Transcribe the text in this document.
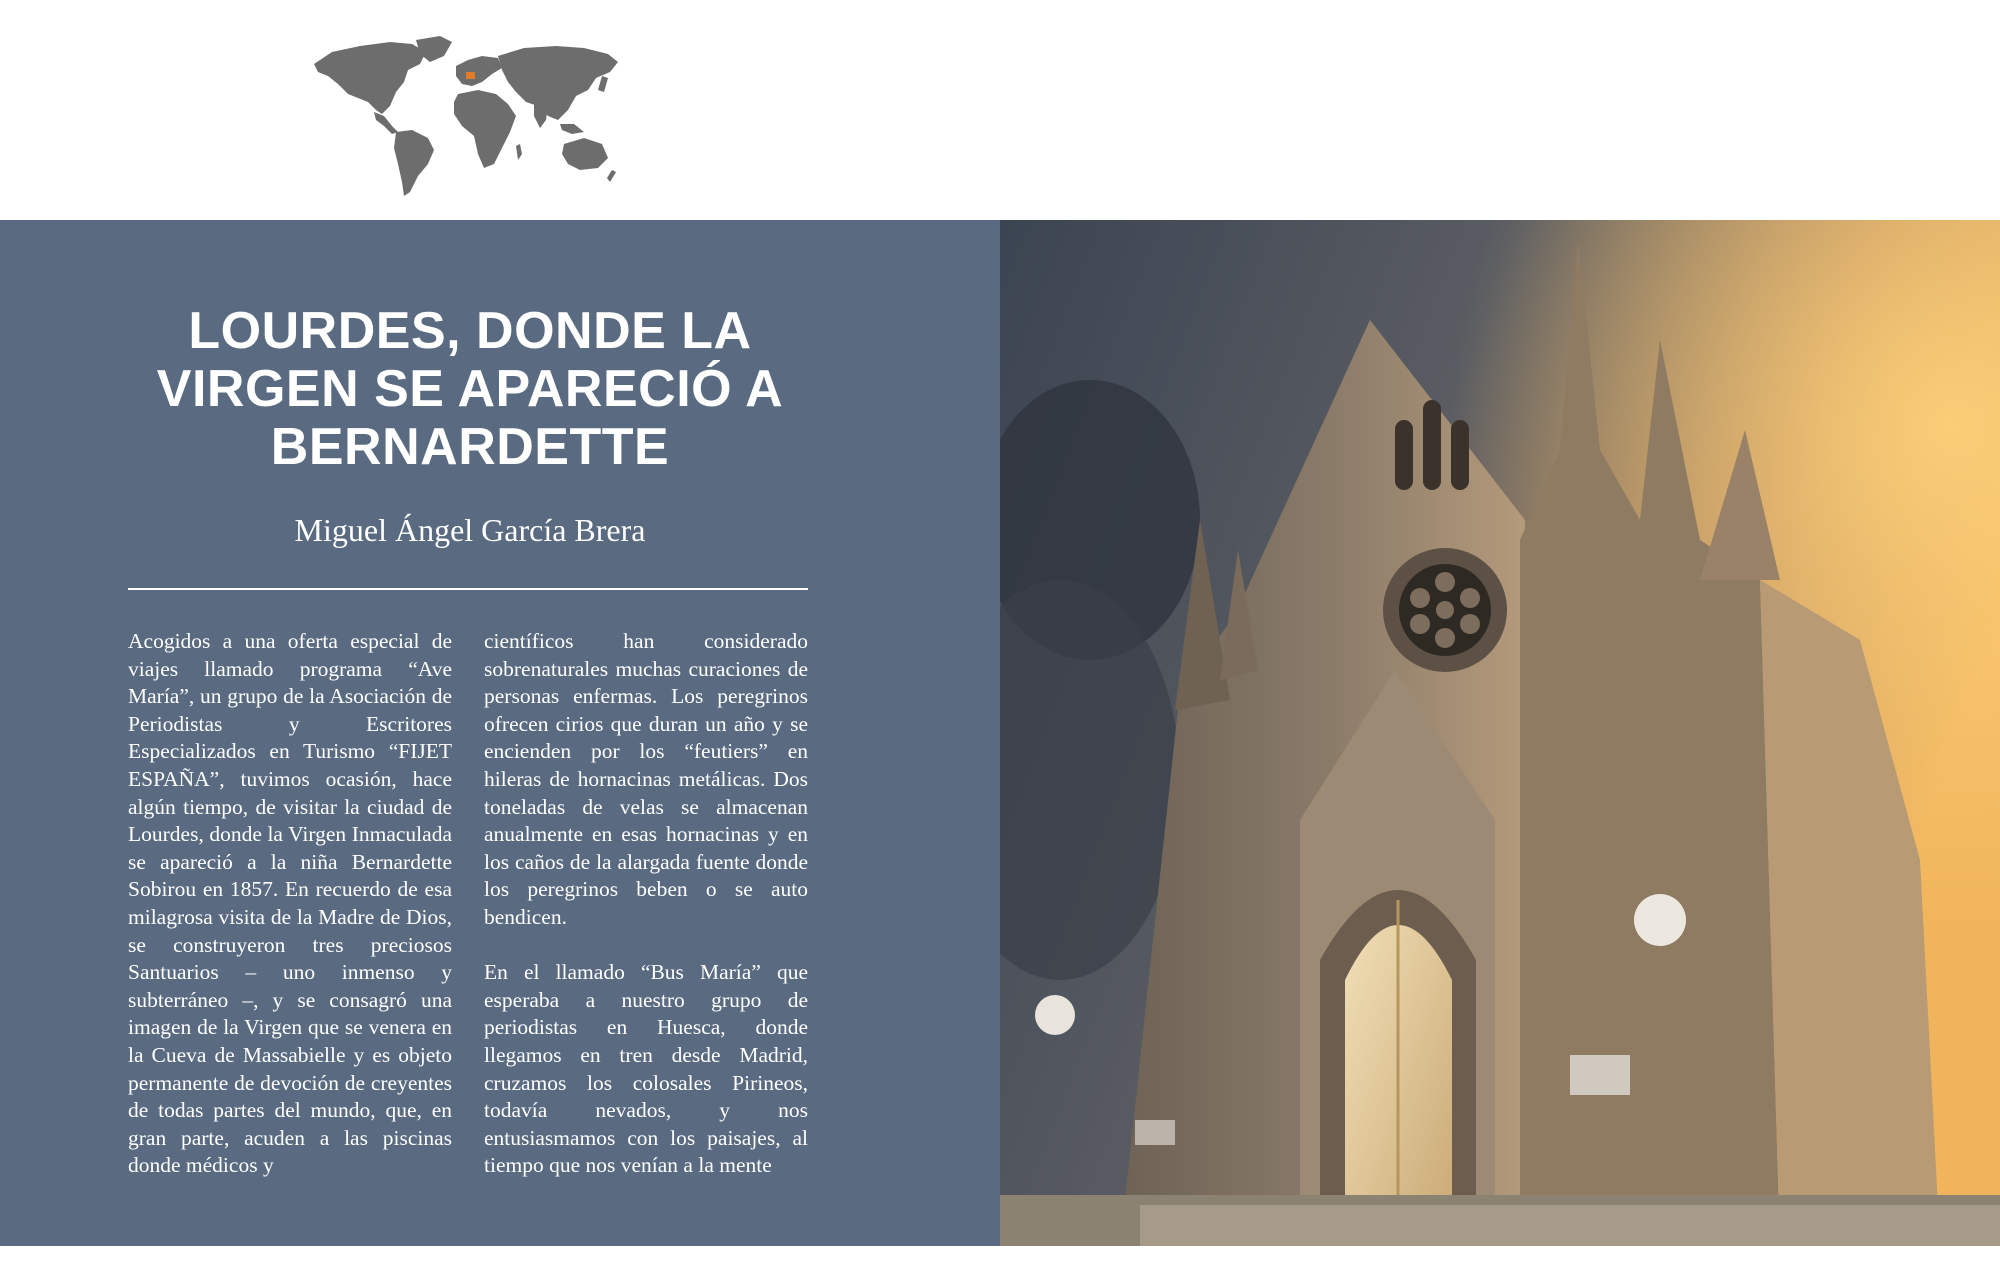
LOURDES, DONDE LA
VIRGEN SE APARECIÓ A
BERNARDETTE
Miguel Ángel García Brera

Acogidos a una oferta especial de viajes llamado programa “Ave María”, un grupo de la Asociación de Periodistas y Escritores Especializados en Turismo “FIJET ESPAÑA”, tuvimos ocasión, hace algún tiempo, de visitar la ciudad de Lourdes, donde la Virgen Inmaculada se apareció a la niña Bernardette Sobirou en 1857. En recuerdo de esa milagrosa visita de la Madre de Dios, se construyeron tres preciosos Santuarios – uno inmenso y subterráneo –, y se consagró una imagen de la Virgen que se venera en la Cueva de Massabielle y es objeto permanente de devoción de creyentes de todas partes del mundo, que, en gran parte, acuden a las piscinas donde médicos y

científicos han considerado sobrenaturales muchas curaciones de personas enfermas. Los peregrinos ofrecen cirios que duran un año y se encienden por los “feutiers” en hileras de hornacinas metálicas. Dos toneladas de velas se almacenan anualmente en esas hornacinas y en los caños de la alargada fuente donde los peregrinos beben o se auto bendicen.

En el llamado “Bus María” que esperaba a nuestro grupo de periodistas en Huesca, donde llegamos en tren desde Madrid, cruzamos los colosales Pirineos, todavía nevados, y nos entusiasmamos con los paisajes, al tiempo que nos venían a la mente
